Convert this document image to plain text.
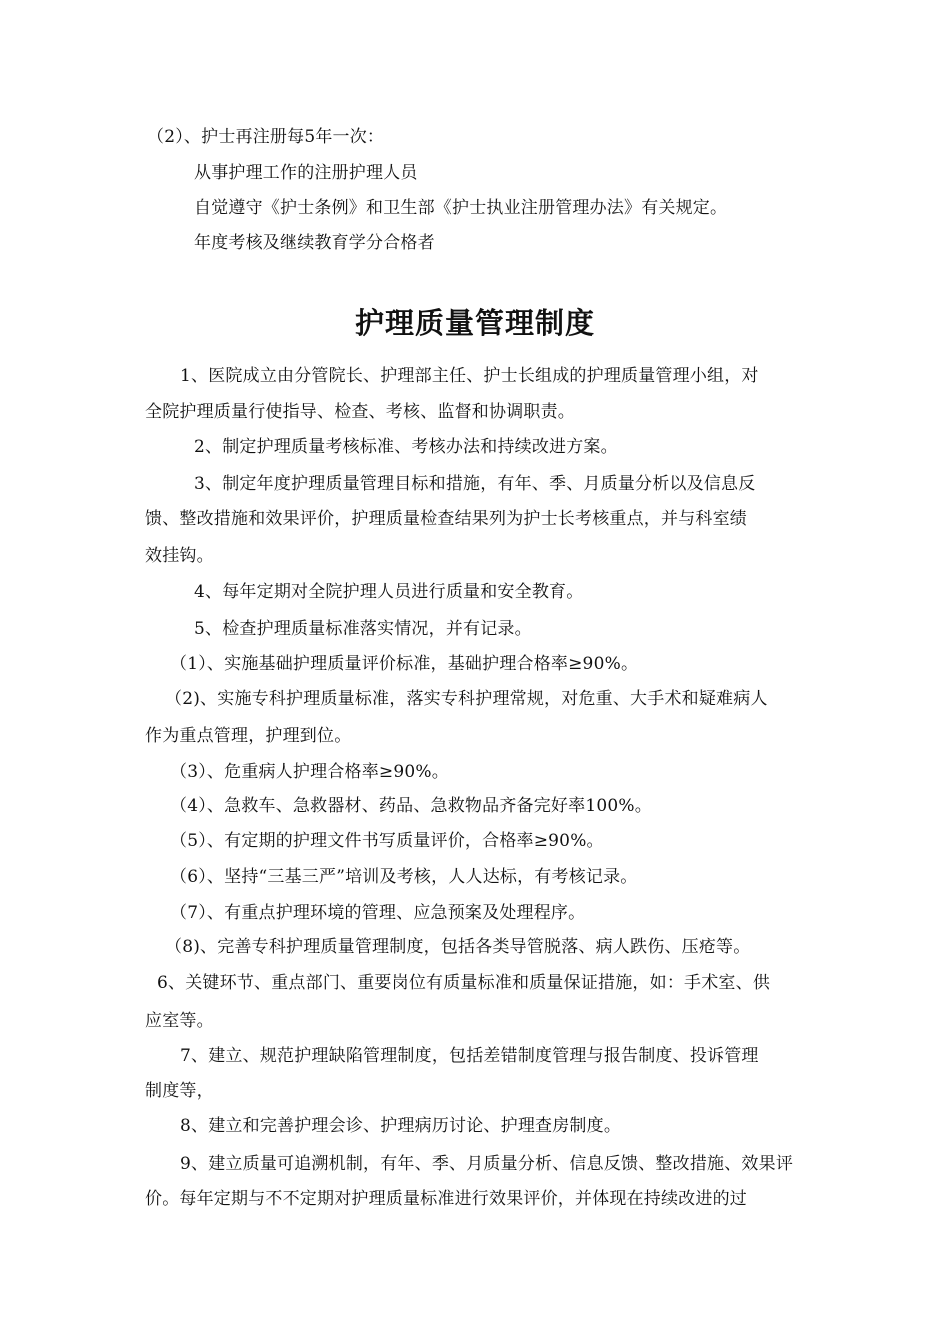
（2）、护士再注册每5年一次：
从事护理工作的注册护理人员
自觉遵守《护士条例》和卫生部《护士执业注册管理办法》有关规定。
年度考核及继续教育学分合格者
护理质量管理制度
1、医院成立由分管院长、护理部主任、护士长组成的护理质量管理小组，对
全院护理质量行使指导、检查、考核、监督和协调职责。
2、制定护理质量考核标准、考核办法和持续改进方案。
3、制定年度护理质量管理目标和措施，有年、季、月质量分析以及信息反
馈、整改措施和效果评价，护理质量检查结果列为护士长考核重点，并与科室绩
效挂钩。
4、每年定期对全院护理人员进行质量和安全教育。
5、检查护理质量标准落实情况，并有记录。
（1）、实施基础护理质量评价标准，基础护理合格率≥90%。
（2)、实施专科护理质量标准，落实专科护理常规，对危重、大手术和疑难病人
作为重点管理，护理到位。
（3）、危重病人护理合格率≥90%。
（4）、急救车、急救器材、药品、急救物品齐备完好率100%。
（5）、有定期的护理文件书写质量评价，合格率≥90%。
（6）、坚持“三基三严”培训及考核，人人达标，有考核记录。
（7）、有重点护理环境的管理、应急预案及处理程序。
（8)、完善专科护理质量管理制度，包括各类导管脱落、病人跌伤、压疮等。
6、关键环节、重点部门、重要岗位有质量标准和质量保证措施，如：手术室、供
应室等。
7、建立、规范护理缺陷管理制度，包括差错制度管理与报告制度、投诉管理
制度等，
8、建立和完善护理会诊、护理病历讨论、护理查房制度。
9、建立质量可追溯机制，有年、季、月质量分析、信息反馈、整改措施、效果评
价。每年定期与不不定期对护理质量标准进行效果评价，并体现在持续改进的过
